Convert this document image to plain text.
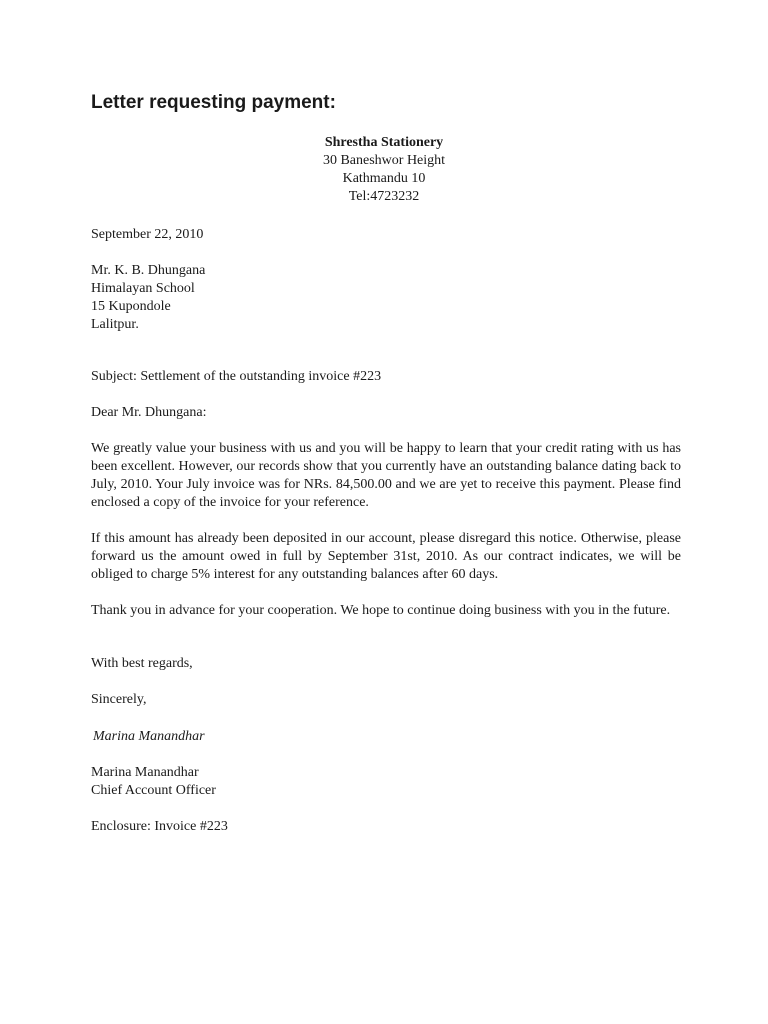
Letter requesting payment:
Shrestha Stationery
30 Baneshwor Height
Kathmandu 10
Tel:4723232
September 22, 2010
Mr. K. B. Dhungana
Himalayan School
15 Kupondole
Lalitpur.
Subject: Settlement of the outstanding invoice #223
Dear Mr. Dhungana:
We greatly value your business with us and you will be happy to learn that your credit rating with us has been excellent. However, our records show that you currently have an outstanding balance dating back to July, 2010. Your July invoice was for NRs. 84,500.00 and we are yet to receive this payment. Please find enclosed a copy of the invoice for your reference.
If this amount has already been deposited in our account, please disregard this notice. Otherwise, please forward us the amount owed in full by September 31st, 2010. As our contract indicates, we will be obliged to charge 5% interest for any outstanding balances after 60 days.
Thank you in advance for your cooperation. We hope to continue doing business with you in the future.
With best regards,
Sincerely,
Marina Manandhar
Marina Manandhar
Chief Account Officer
Enclosure: Invoice #223
